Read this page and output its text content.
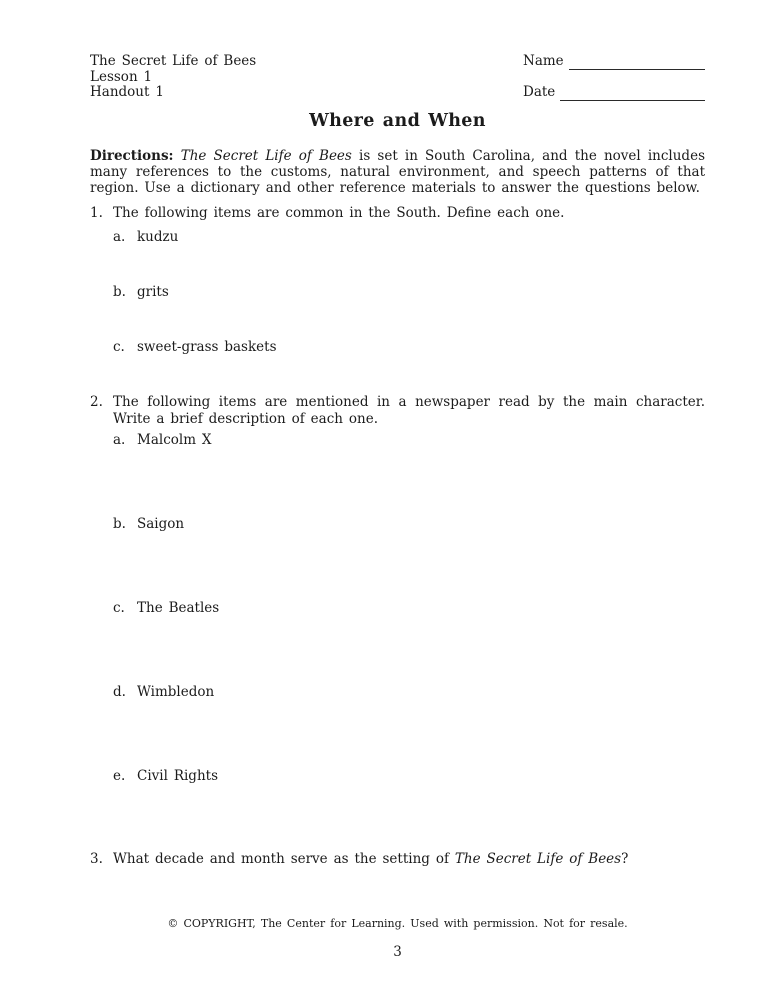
The Secret Life of Bees
Lesson 1
Handout 1
Name
Date
Where and When

Directions: The Secret Life of Bees is set in South Carolina, and the novel includes many references to the customs, natural environment, and speech patterns of that region. Use a dictionary and other reference materials to answer the questions below.

1. The following items are common in the South. Define each one.
a. kudzu
b. grits
c. sweet-grass baskets
2. The following items are mentioned in a newspaper read by the main character. Write a brief description of each one.
a. Malcolm X
b. Saigon
c. The Beatles
d. Wimbledon
e. Civil Rights
3. What decade and month serve as the setting of The Secret Life of Bees?
© COPYRIGHT, The Center for Learning. Used with permission. Not for resale.
3
